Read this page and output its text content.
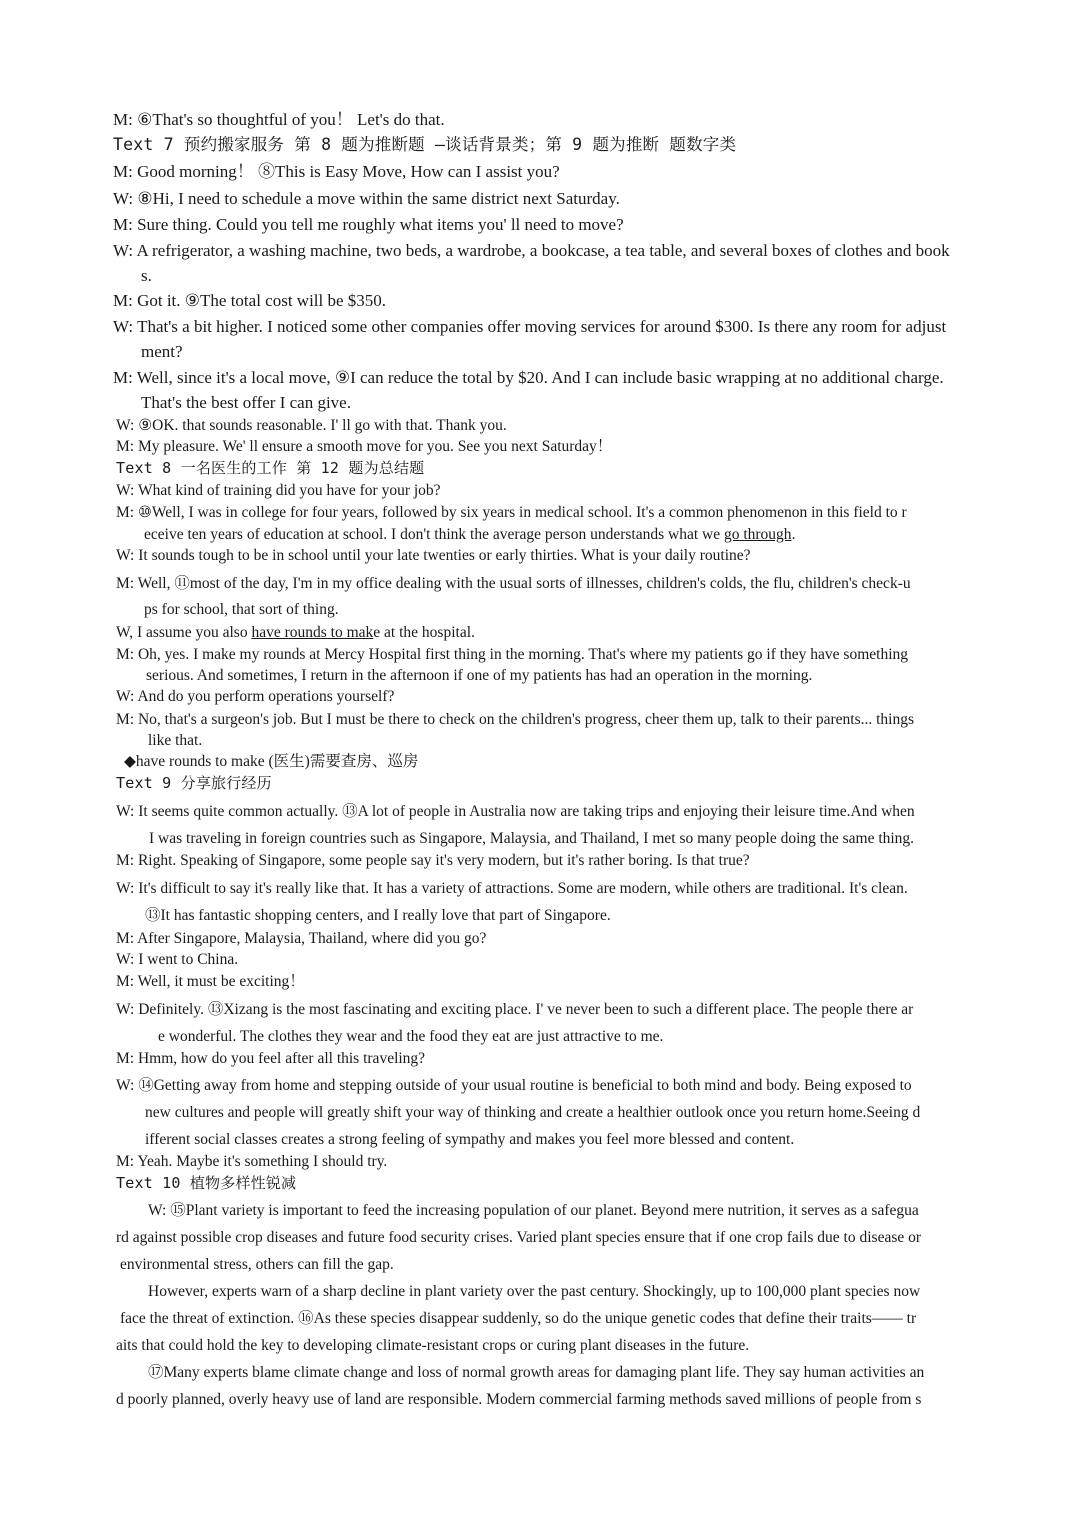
M: ⑥That's so thoughtful of you！ Let's do that.
Text 7 预约搬家服务 第 8 题为推断题 —谈话背景类；第 9 题为推断 题数字类
M: Good morning！ ⑧This is Easy Move, How can I assist you?
W: ⑧Hi, I need to schedule a move within the same district next Saturday.
M: Sure thing. Could you tell me roughly what items you' ll need to move?
W: A refrigerator, a washing machine, two beds, a wardrobe, a bookcase, a tea table, and several boxes of clothes and book
s.
M: Got it. ⑨The total cost will be $350.
W: That's a bit higher. I noticed some other companies offer moving services for around $300. Is there any room for adjust
ment?
M: Well, since it's a local move, ⑨I can reduce the total by $20. And I can include basic wrapping at no additional charge.
That's the best offer I can give.
W: ⑨OK. that sounds reasonable. I' ll go with that. Thank you.
M: My pleasure. We' ll ensure a smooth move for you. See you next Saturday！
Text 8 一名医生的工作 第 12 题为总结题
W: What kind of training did you have for your job?
M: ⑩Well, I was in college for four years, followed by six years in medical school. It's a common phenomenon in this field to r
eceive ten years of education at school. I don't think the average person understands what we go through.
W: It sounds tough to be in school until your late twenties or early thirties. What is your daily routine?
M: Well, ⑪most of the day, I'm in my office dealing with the usual sorts of illnesses, children's colds, the flu, children's check-u
ps for school, that sort of thing.
W, I assume you also have rounds to make at the hospital.
M: Oh, yes. I make my rounds at Mercy Hospital first thing in the morning. That's where my patients go if they have something
serious. And sometimes, I return in the afternoon if one of my patients has had an operation in the morning.
W: And do you perform operations yourself?
M: No, that's a surgeon's job. But I must be there to check on the children's progress, cheer them up, talk to their parents... things
like that.
◆have rounds to make (医生)需要查房、巡房
Text 9 分享旅行经历
W: It seems quite common actually. ⑬A lot of people in Australia now are taking trips and enjoying their leisure time.And when
I was traveling in foreign countries such as Singapore, Malaysia, and Thailand, I met so many people doing the same thing.
M: Right. Speaking of Singapore, some people say it's very modern, but it's rather boring. Is that true?
W: It's difficult to say it's really like that. It has a variety of attractions. Some are modern, while others are traditional. It's clean.
⑬It has fantastic shopping centers, and I really love that part of Singapore.
M: After Singapore, Malaysia, Thailand, where did you go?
W: I went to China.
M: Well, it must be exciting！
W: Definitely. ⑬Xizang is the most fascinating and exciting place. I' ve never been to such a different place. The people there ar
e wonderful. The clothes they wear and the food they eat are just attractive to me.
M: Hmm, how do you feel after all this traveling?
W: ⑭Getting away from home and stepping outside of your usual routine is beneficial to both mind and body. Being exposed to
new cultures and people will greatly shift your way of thinking and create a healthier outlook once you return home.Seeing d
ifferent social classes creates a strong feeling of sympathy and makes you feel more blessed and content.
M: Yeah. Maybe it's something I should try.
Text 10 植物多样性锐减
W: ⑮Plant variety is important to feed the increasing population of our planet. Beyond mere nutrition, it serves as a safegua
rd against possible crop diseases and future food security crises. Varied plant species ensure that if one crop fails due to disease or
environmental stress, others can fill the gap.
However, experts warn of a sharp decline in plant variety over the past century. Shockingly, up to 100,000 plant species now
face the threat of extinction. ⑯As these species disappear suddenly, so do the unique genetic codes that define their traits—— tr
aits that could hold the key to developing climate-resistant crops or curing plant diseases in the future.
⑰Many experts blame climate change and loss of normal growth areas for damaging plant life. They say human activities an
d poorly planned, overly heavy use of land are responsible. Modern commercial farming methods saved millions of people from s
